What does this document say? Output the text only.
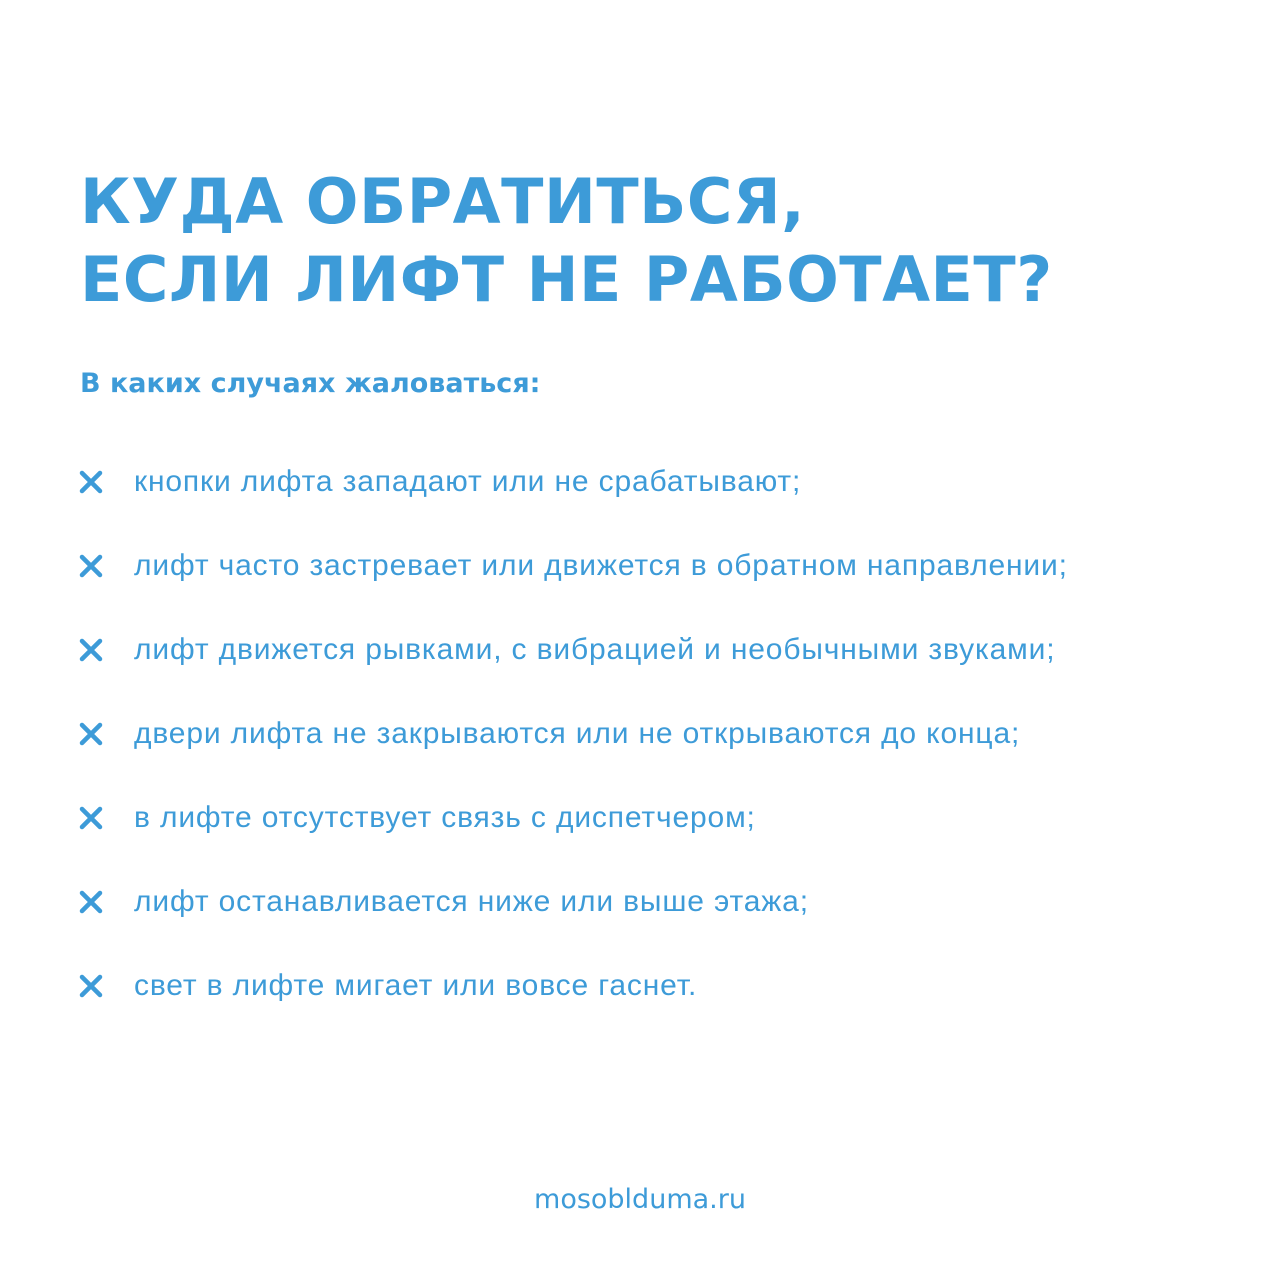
КУДА ОБРАТИТЬСЯ,
ЕСЛИ ЛИФТ НЕ РАБОТАЕТ?
В каких случаях жаловаться:
кнопки лифта западают или не срабатывают;
лифт часто застревает или движется в обратном направлении;
лифт движется рывками, с вибрацией и необычными звуками;
двери лифта не закрываются или не открываются до конца;
в лифте отсутствует связь с диспетчером;
лифт останавливается ниже или выше этажа;
свет в лифте мигает или вовсе гаснет.
mosobldumа.ru
